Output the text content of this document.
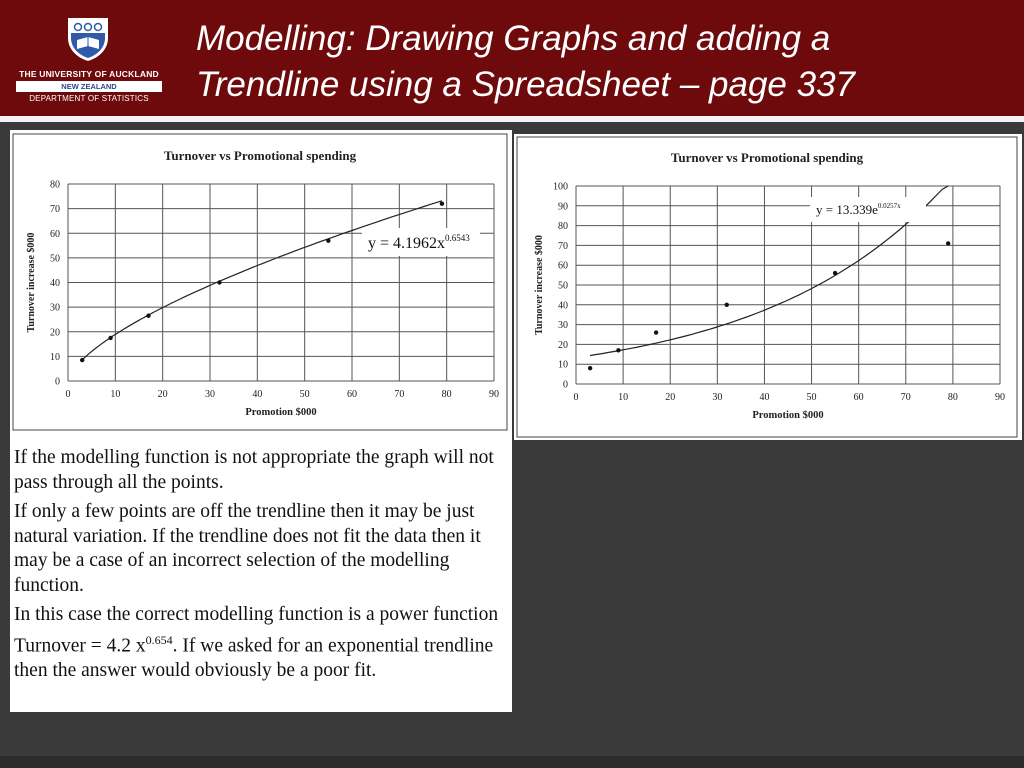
THE UNIVERSITY OF AUCKLAND
NEW ZEALAND
DEPARTMENT OF STATISTICS
Modelling: Drawing Graphs and adding a
Trendline using a Spreadsheet – page 337
Turnover vs Promotional spending
0	10	20	30	40	50	60	70	80	90
0
10
20
30
40
50
60
70
80
Promotion $000
Turnover increase $000	$y = 4.1962x^{0.6543}$
Turnover vs Promotional spending
0	10	20	30	40	50	60	70	80	90
0
10
20
30
40
50
60
70
80
90
100
Promotion $000
Turnover increase $000
$y = 13.339e^{0.0257x}$

If the modelling function is not appropriate the graph will not pass through all the points.

If only a few points are off the trendline then it may be just natural variation. If the trendline does not fit the data then it may be a case of an incorrect selection of the modelling function.

In this case the correct modelling function is a power function Turnover = 4.2 $x^{0.654}$. If we asked for an exponential trendline then the answer would obviously be a poor fit.
